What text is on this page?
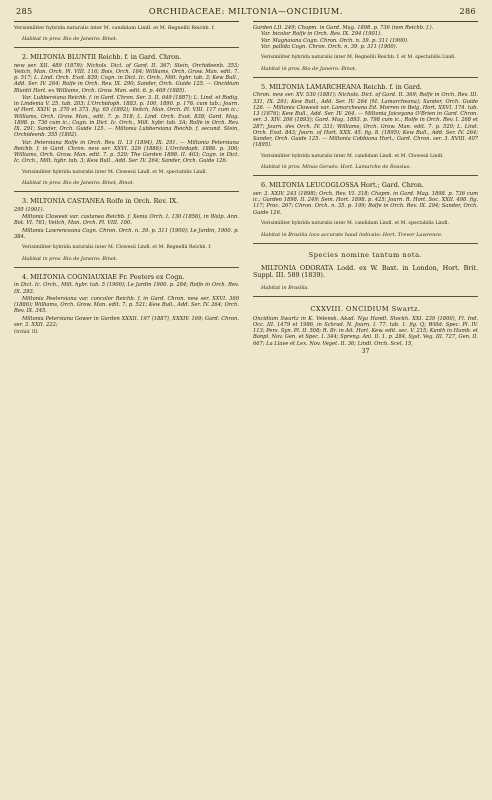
285	ORCHIDACEAE: MILTONIA—ONCIDIUM.	286

Verisimiliter hybrida naturalis inter M. candidam Lindl. et M. Regnellii Reichb. f.

Habitat in prov. Rio de Janeiro: Binot.

2. MILTONIA BLUNTII Reichb. f. in Gard. Chron.

new ser. XII. 489 (1879); Nichols. Dict. of Gard. II. 367; Stein, Orchideenb. 353; Veitch, Man. Orch. Pl. VIII. 116; Bois, Orch. 164; Williams, Orch. Grow. Man. edit. 7. p. 517; L. Lind. Orch. Exot. 839; Cogn. in Dict. Ic. Orch., Milt. hybr. tab. 3; Kew Bull., Add. Ser. IV. 264; Rolfe in Orch. Rev. IX. 290; Sander, Orch. Guide 125. — Oncidium Bluntii Hort. ex Williams, Orch. Grow. Man. edit. 6. p. 469 (1885).

Var. Lubbersiana Reichb. f. in Gard. Chron. Ser. 3. II. 649 (1887); L. Lind. et Rodig. in Lindenia V. 25. tab. 203; L'Orchidoph. 1883. p. 100, 1890. p. 176. cum tab.; Journ. of Hort. XXIV. p. 370 et 373. fig. 65 (1892); Veitch, Man. Orch. Pl. VIII. 117 cum ic.; Williams, Orch. Grow. Man., edit. 7. p. 518; L. Lind. Orch. Exot. 838; Gard. Mag. 1898. p. 736 cum ic.; Cogn. in Dict. Ic. Orch., Milt. hybr. tab. 3A; Rolfe in Orch. Rev. IX. 291; Sander, Orch. Guide 125. — Miltonia Lubbersiana Reichb. f. secund. Stein, Orchideenb. 355 (1892).

Var. Petersiana Rolfe in Orch. Rev. II. 13 (1894), IX. 291. — Miltonia Petersiana Reichb. f. in Gard. Chron. new ser. XXVI. 326 (1886); L'Orchidoph. 1886. p. 306; Williams, Orch. Grow. Man. edit. 7. p. 520; The Garden 1898. II. 403; Cogn. in Dict. Ic. Orch., Milt. hybr. tab. 3; Kew Bull., Add. Ser. IV. 264; Sander, Orch. Guide 126.

Verisimiliter hybrida naturalis inter M. Clowesii Lindl. et M. spectabilis Lindl.

Habitat in prov. Rio de Janeiro: Binot, Binot.

3. MILTONIA CASTANEA Rolfe in Orch. Rev. IX.

295 (1901).

Miltonia Clowesii var. castanea Reichb. f. Xenia Orch. I. 130 (1856), in Walp. Ann. Bot. VI. 761; Veitch, Man. Orch. Pl. VIII. 100.

Miltonia Lawrenceana Cogn. Chron. Orch. n. 39. p. 311 (1900); Le Jardin, 1900. p. 384.

Verisimiliter hybrida naturalis inter M. Clowesii Lindl. et M. Regnellii Reichb. f.

Habitat in prov. Rio de Janeiro: Binot.

4. MILTONIA COGNIAUXIAE Fr. Peeters ex Cogn.

in Dict. Ic. Orch., Milt. hybr. tab. 5 (1900); Le Jardin 1900. p. 284; Rolfe in Orch. Rev. IX. 293.

Miltonia Peetersiana var. concolor Reichb. f. in Gard. Chron. new ser. XXVI. 360 (1886); Williams, Orch. Grow. Man. edit. 7. p. 521; Kew Bull., Add. Ser. IV. 264; Orch. Rev. IX. 345.

Miltonia Petersiana Gower in Garden XXXII. 197 (1887), XXXIV. 169; Gard. Chron. ser. 3. XXII. 222;

Orchid. III.

Garden LII. 249; Chapm. in Gard. Mag. 1898. p. 736 (non Reichb. f.).

Var. bicolor Rolfe in Orch. Rev. IX. 294 (1901).

Var. Magnaiana Cogn. Chron. Orch. n. 39. p. 311 (1900).

Var. pallida Cogn. Chron. Orch. n. 39. p. 311 (1900).

Verisimiliter hybrida naturalis inter M. Regnellii Reichb. f. et M. spectabilis Lindl.

Habitat in prov. Rio de Janeiro: Binot.

5. MILTONIA LAMARCHEANA Reichb. f. in Gard.

Chron. new ser. XV. 530 (1881); Nichols. Dict. of Gard. II. 369; Rolfe in Orch. Rev. III. 331, IX. 291; Kew Bull., Add. Ser. IV. 264 (M. Lamarcheana); Sander, Orch. Guide 126. — Miltonia Clowesii var. Lamarcheana Ed. Morren in Belg. Hort. XXVI. 174. tab. 13 (1876); Kew Bull., Add. Ser. IV. 264. — Miltonia Joiceyana O'Brien in Gard. Chron. ser. 3. XIV. 206 (1893); Gard. Mag. 1893. p. 798 cum ic.; Rolfe in Orch. Rev. I. 268 et 287; Journ. des Orch. IV. 331; Williams, Orch. Grow. Man. edit. 7. p. 520; L. Lind. Orch. Exot. 843; Journ. of Hort. XXX. 45. fig. 8. (1895); Kew Bull., Add. Ser. IV. 264; Sander, Orch. Guide 125. — Miltonia Cobbiana Hort.; Gard. Chron. ser. 3. XVIII. 407 (1895).

Verisimiliter hybrida naturalis inter M. candidam Lindl. et M. Clowesii Lindl.

Habitat in prov. Minas Geraës: Hort. Lamarche de Rossius.

6. MILTONIA LEUCOGLOSSA Hort.; Gard. Chron.

ser. 3. XXIV. 243 (1898); Orch. Rev. VI. 318; Chapm. in Gard. Mag. 1898. p. 736 cum ic.; Garden 1898. II. 249; Sem. Hort. 1898. p. 425; Journ. R. Hort. Soc. XXII. 498. fig. 117; Proc. 267; Chron. Orch. n. 35. p. 199; Rolfe in Orch. Rev. IX. 294; Sander, Orch. Guide 126.

Verisimiliter hybrida naturalis inter M. candidam Lindl. et M. spectabilis Lindl.

Habitat in Brasilia loco accurate haud indicato: Hort. Trevor Lawrence.

Species nomine tantum nota.

MILTONIA ODORATA Lodd. ex W. Baxt. in London, Hort. Brit. Suppl. III. 589 (1839).

Habitat in Brasilia.

CXXVIII. ONCIDIUM Swartz.

Oncidium Swartz in K. Vetensk. Akad. Nya Handl. Stockh. XXI. 239 (1800), Fl. Ind. Occ. III. 1479 et 1986, in Schrad. N. Journ. I. 77. tab. 1. fig. Q; Willd. Spec. Pl. IV. 113; Pers. Syn. Pl. II. 508; R. Br. in Ait. Hort. Kew. edit. sec. V. 215; Kunth in Humb. et Bonpl. Nov. Gen. et Spec. I. 344; Spreng. Anl. II. 1. p. 284, Syst. Veg. III. 727, Gen. II. 667; La Llave et Lex. Nov. Veget. II. 36; Lindl. Orch. Scel. 15,

37
